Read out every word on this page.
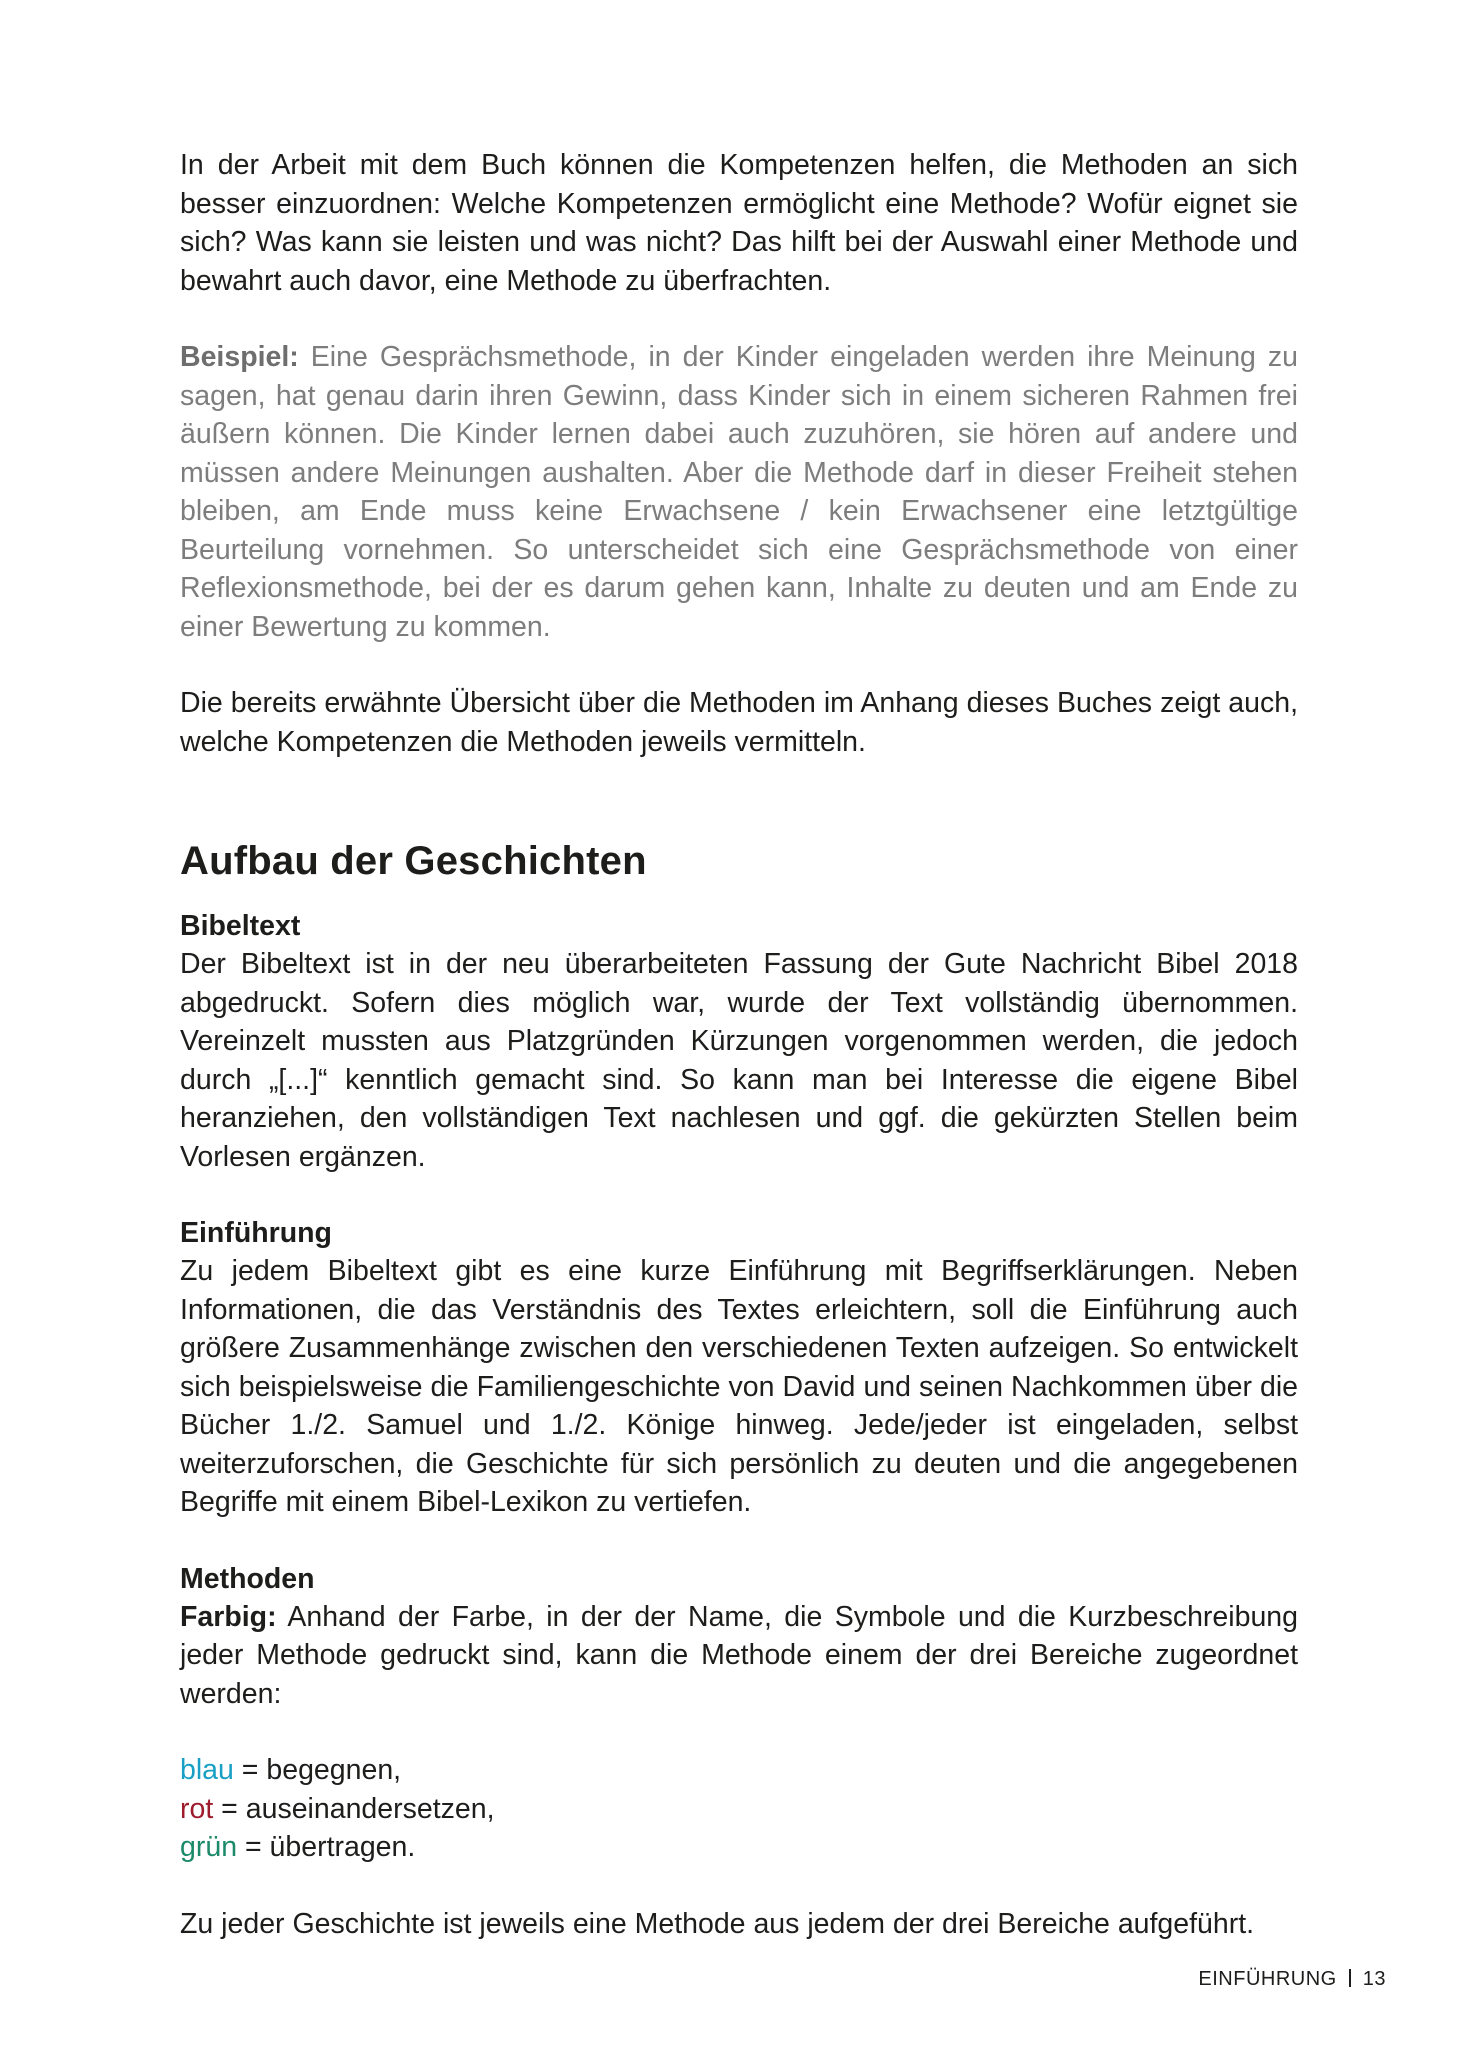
In der Arbeit mit dem Buch können die Kompetenzen helfen, die Methoden an sich besser einzuordnen: Welche Kompetenzen ermöglicht eine Methode? Wofür eignet sie sich? Was kann sie leisten und was nicht? Das hilft bei der Auswahl einer Methode und bewahrt auch davor, eine Methode zu überfrachten.

Beispiel: Eine Gesprächsmethode, in der Kinder eingeladen werden ihre Meinung zu sagen, hat genau darin ihren Gewinn, dass Kinder sich in einem sicheren Rahmen frei äußern können. Die Kinder lernen dabei auch zuzuhören, sie hören auf andere und müssen andere Meinungen aushalten. Aber die Methode darf in dieser Freiheit stehen bleiben, am Ende muss keine Erwachsene / kein Erwachsener eine letztgültige Beurteilung vornehmen. So unterscheidet sich eine Gesprächsmethode von einer Reflexionsmethode, bei der es darum gehen kann, Inhalte zu deuten und am Ende zu einer Bewertung zu kommen.

Die bereits erwähnte Übersicht über die Methoden im Anhang dieses Buches zeigt auch, welche Kompetenzen die Methoden jeweils vermitteln.

Aufbau der Geschichten
Bibeltext

Der Bibeltext ist in der neu überarbeiteten Fassung der Gute Nachricht Bibel 2018 abgedruckt. Sofern dies möglich war, wurde der Text vollständig übernommen. Vereinzelt mussten aus Platzgründen Kürzungen vorgenommen werden, die jedoch durch „[...]“ kenntlich gemacht sind. So kann man bei Interesse die eigene Bibel heranziehen, den vollständigen Text nachlesen und ggf. die gekürzten Stellen beim Vorlesen ergänzen.

Einführung

Zu jedem Bibeltext gibt es eine kurze Einführung mit Begriffserklärungen. Neben Informationen, die das Verständnis des Textes erleichtern, soll die Einführung auch größere Zusammenhänge zwischen den verschiedenen Texten aufzeigen. So entwickelt sich beispielsweise die Familiengeschichte von David und seinen Nachkommen über die Bücher 1./2. Samuel und 1./2. Könige hinweg. Jede/jeder ist eingeladen, selbst weiterzuforschen, die Geschichte für sich persönlich zu deuten und die angegebenen Begriffe mit einem Bibel-Lexikon zu vertiefen.

Methoden

Farbig: Anhand der Farbe, in der der Name, die Symbole und die Kurzbeschreibung jeder Methode gedruckt sind, kann die Methode einem der drei Bereiche zugeordnet werden:

blau = begegnen,

rot = auseinandersetzen,

grün = übertragen.

Zu jeder Geschichte ist jeweils eine Methode aus jedem der drei Bereiche aufgeführt.

EINFÜHRUNG 13
